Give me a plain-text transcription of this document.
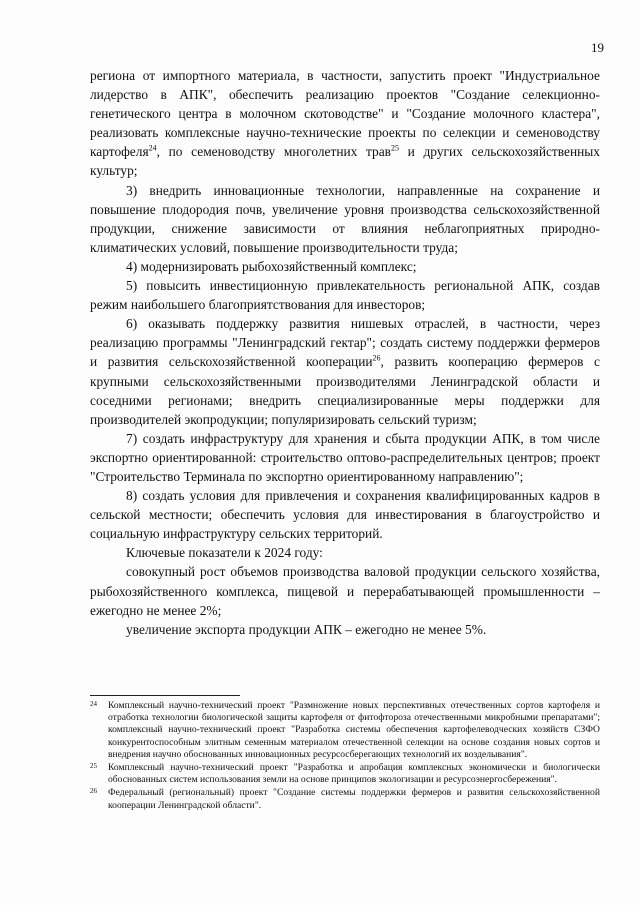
19

региона от импортного материала, в частности, запустить проект "Индустриальное лидерство в АПК", обеспечить реализацию проектов "Создание селекционно-генетического центра в молочном скотоводстве" и "Создание молочного кластера", реализовать комплексные научно-технические проекты по селекции и семеноводству картофеля$^{24}$, по семеноводству многолетних трав$^{25}$ и других сельскохозяйственных культур;

3) внедрить инновационные технологии, направленные на сохранение и повышение плодородия почв, увеличение уровня производства сельскохозяйственной продукции, снижение зависимости от влияния неблагоприятных природно-климатических условий, повышение производительности труда;

4) модернизировать рыбохозяйственный комплекс;

5) повысить инвестиционную привлекательность региональной АПК, создав режим наибольшего благоприятствования для инвесторов;

6) оказывать поддержку развития нишевых отраслей, в частности, через реализацию программы "Ленинградский гектар"; создать систему поддержки фермеров и развития сельскохозяйственной кооперации$^{26}$, развить кооперацию фермеров с крупными сельскохозяйственными производителями Ленинградской области и соседними регионами; внедрить специализированные меры поддержки для производителей экопродукции; популяризировать сельский туризм;

7) создать инфраструктуру для хранения и сбыта продукции АПК, в том числе экспортно ориентированной: строительство оптово-распределительных центров; проект "Строительство Терминала по экспортно ориентированному направлению";

8) создать условия для привлечения и сохранения квалифицированных кадров в сельской местности; обеспечить условия для инвестирования в благоустройство и социальную инфраструктуру сельских территорий.

Ключевые показатели к 2024 году:

совокупный рост объемов производства валовой продукции сельского хозяйства, рыбохозяйственного комплекса, пищевой и перерабатывающей промышленности – ежегодно не менее 2%;

увеличение экспорта продукции АПК – ежегодно не менее 5%.

24 Комплексный научно-технический проект "Размножение новых перспективных отечественных сортов картофеля и отработка технологии биологической защиты картофеля от фитофтороза отечественными микробными препаратами"; комплексный научно-технический проект "Разработка системы обеспечения картофелеводческих хозяйств СЗФО конкурентоспособным элитным семенным материалом отечественной селекции на основе создания новых сортов и внедрения научно обоснованных инновационных ресурсосберегающих технологий их возделывания".
25 Комплексный научно-технический проект "Разработка и апробация комплексных экономически и биологически обоснованных систем использования земли на основе принципов экологизации и ресурсоэнергосбережения".
26 Федеральный (региональный) проект "Создание системы поддержки фермеров и развития сельскохозяйственной кооперации Ленинградской области".
